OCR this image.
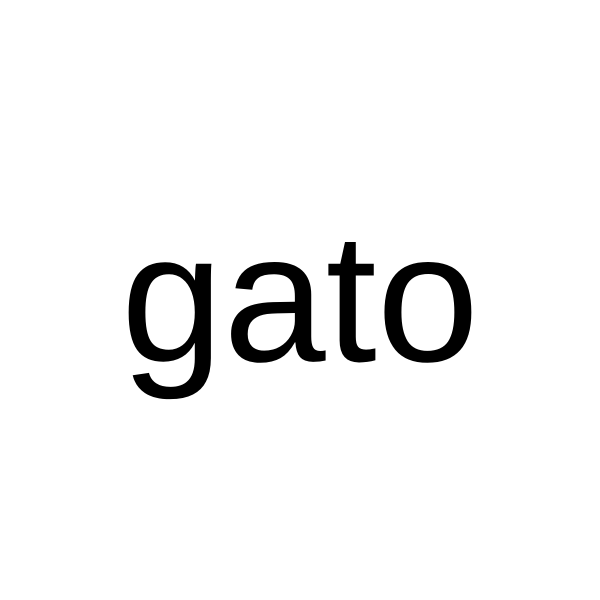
gato
